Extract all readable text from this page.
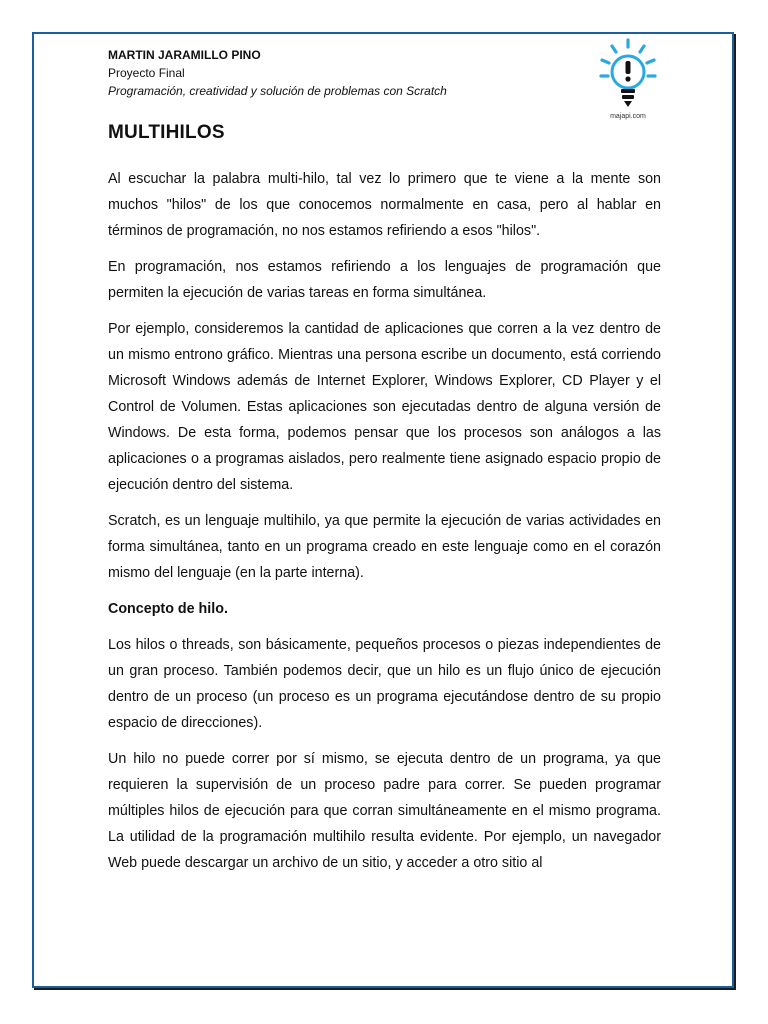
MARTIN JARAMILLO PINO
Proyecto Final
Programación, creatividad y solución de problemas con Scratch
majapi.com
MULTIHILOS

Al escuchar la palabra multi-hilo, tal vez lo primero que te viene a la mente son muchos "hilos" de los que conocemos normalmente en casa, pero al hablar en términos de programación, no nos estamos refiriendo a esos "hilos".

En programación, nos estamos refiriendo a los lenguajes de programación que permiten la ejecución de varias tareas en forma simultánea.

Por ejemplo, consideremos la cantidad de aplicaciones que corren a la vez dentro de un mismo entrono gráfico. Mientras una persona escribe un documento, está corriendo Microsoft Windows además de Internet Explorer, Windows Explorer, CD Player y el Control de Volumen. Estas aplicaciones son ejecutadas dentro de alguna versión de Windows. De esta forma, podemos pensar que los procesos son análogos a las aplicaciones o a programas aislados, pero realmente tiene asignado espacio propio de ejecución dentro del sistema.

Scratch, es un lenguaje multihilo, ya que permite la ejecución de varias actividades en forma simultánea, tanto en un programa creado en este lenguaje como en el corazón mismo del lenguaje (en la parte interna).

Concepto de hilo.

Los hilos o threads, son básicamente, pequeños procesos o piezas independientes de un gran proceso. También podemos decir, que un hilo es un flujo único de ejecución dentro de un proceso (un proceso es un programa ejecutándose dentro de su propio espacio de direcciones).

Un hilo no puede correr por sí mismo, se ejecuta dentro de un programa, ya que requieren la supervisión de un proceso padre para correr. Se pueden programar múltiples hilos de ejecución para que corran simultáneamente en el mismo programa. La utilidad de la programación multihilo resulta evidente. Por ejemplo, un navegador Web puede descargar un archivo de un sitio, y acceder a otro sitio al
